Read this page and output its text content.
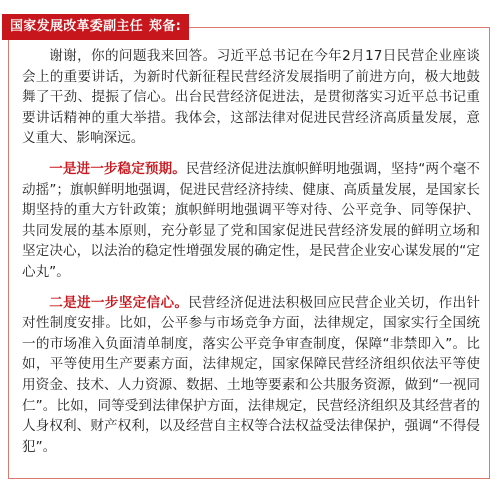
国家发展改革委副主任 郑备:

谢谢，你的问题我来回答。习近平总书记在今年2月17日民营企业座谈会上的重要讲话，为新时代新征程民营经济发展指明了前进方向，极大地鼓舞了干劲、提振了信心。出台民营经济促进法，是贯彻落实习近平总书记重要讲话精神的重大举措。我体会，这部法律对促进民营经济高质量发展，意义重大、影响深远。

一是进一步稳定预期。民营经济促进法旗帜鲜明地强调，坚持“两个毫不动摇”；旗帜鲜明地强调，促进民营经济持续、健康、高质量发展，是国家长期坚持的重大方针政策；旗帜鲜明地强调平等对待、公平竞争、同等保护、共同发展的基本原则，充分彰显了党和国家促进民营经济发展的鲜明立场和坚定决心，以法治的稳定性增强发展的确定性，是民营企业安心谋发展的“定心丸”。

二是进一步坚定信心。民营经济促进法积极回应民营企业关切，作出针对性制度安排。比如，公平参与市场竞争方面，法律规定，国家实行全国统一的市场准入负面清单制度，落实公平竞争审查制度，保障“非禁即入”。比如，平等使用生产要素方面，法律规定，国家保障民营经济组织依法平等使用资金、技术、人力资源、数据、土地等要素和公共服务资源，做到“一视同仁”。比如，同等受到法律保护方面，法律规定，民营经济组织及其经营者的人身权利、财产权利，以及经营自主权等合法权益受法律保护，强调“不得侵犯”。
